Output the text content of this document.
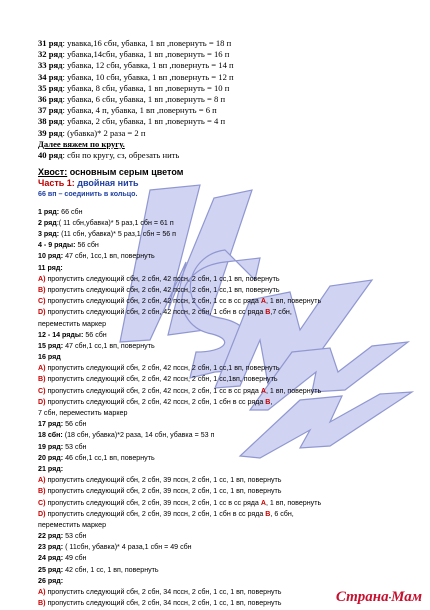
31 ряд: увавка,16 сбн, убавка, 1 вп ,повернуть = 18 п
32 ряд: убавка,14сбн, убавка, 1 вп ,повернуть = 16 п
33 ряд: убавка, 12 сбн, убавка, 1 вп ,повернуть = 14 п
34 ряд: убавка, 10 сбн, убавка, 1 вп ,повернуть = 12 п
35 ряд: убавка, 8 сбн, убавка, 1 вп ,повернуть = 10 п
36 ряд: убавка, 6 сбн, убавка, 1 вп ,повернуть = 8 п
37 ряд: убавка, 4 п, убавка, 1 вп ,повернуть = 6 п
38 ряд: убавка, 2 сбн, убавка, 1 вп ,повернуть = 4 п
39 ряд: (убавка)* 2 раза = 2 п
Далее вяжем по кругу.
40 ряд: сбн по кругу, сз, обрезать нить
Хвост: основным серым цветом
Часть 1: двойная нить
66 вп – соединить в кольцо.
1 ряд: 66 сбн
2 ряд:( 11 сбн,убавка)* 5 раз,1 сбн = 61 п
3 ряд: (11 сбн, убавка)* 5 раз,1 сбн = 56 п
4 - 9 ряды: 56 сбн
10 ряд: 47 сбн, 1сс,1 вп, повернуть
11 ряд:
A) пропустить следующий сбн, 2 сбн, 42 пссн, 2 сбн, 1 сс,1 вп, повернуть
B) пропустить следующий сбн, 2 сбн, 42 пссн, 2 сбн, 1 сс,1 вп, повернуть
C) пропустить следующий сбн, 2 сбн, 42 пссн, 2 сбн, 1 сс в сс ряда А, 1 вп, повернуть
D) пропустить следующий сбн, 2 сбн, 42 пссн, 2 сбн, 1 сбн в сс ряда В,7 сбн,
переместить маркер
12 - 14 ряды: 56 сбн
15 ряд: 47 сбн,1 сс,1 вп, повернуть
16 ряд
A) пропустить следующий сбн, 2 сбн, 42 пссн, 2 сбн, 1 сс,1 вп, повернуть
B) пропустить следующий сбн, 2 сбн, 42 пссн, 2 сбн, 1 сс,1вп, повернуть
C) пропустить следующий сбн, 2 сбн, 42 пссн, 2 сбн, 1 сс в сс ряда А, 1 вп, повернуть
D) пропустить следующий сбн, 2 сбн, 42 пссн, 2 сбн, 1 сбн в сс ряда В,
7 сбн, переместить маркер
17 ряд: 56 сбн
18 сбн: (18 сбн, убавка)*2 раза, 14 сбн, убавка = 53 п
19 ряд: 53 сбн
20 ряд: 46 сбн,1 сс,1 вп, повернуть
21 ряд:
A) пропустить следующий сбн, 2 сбн, 39 пссн, 2 сбн, 1 сс, 1 вп, повернуть
B) пропустить следующий сбн, 2 сбн, 39 пссн, 2 сбн, 1 сс, 1 вп, повернуть
C) пропустить следующий сбн, 2 сбн, 39 пссн, 2 сбн, 1 сс в сс ряда А, 1 вп, повернуть
D) пропустить следующий сбн, 2 сбн, 39 пссн, 2 сбн, 1 сбн в сс ряда В, 6 сбн,
переместить маркер
22 ряд: 53 сбн
23 ряд: ( 11сбн, убавка)* 4 раза,1 сбн = 49 сбн
24 ряд: 49 сбн
25 ряд: 42 сбн, 1 сс, 1 вп, повернуть
26 ряд:
A) пропустить следующий сбн, 2 сбн, 34 пссн, 2 сбн, 1 сс, 1 вп, повернуть
B) пропустить следующий сбн, 2 сбн, 34 пссн, 2 сбн, 1 сс, 1 вп, повернуть	Страна·Мам
